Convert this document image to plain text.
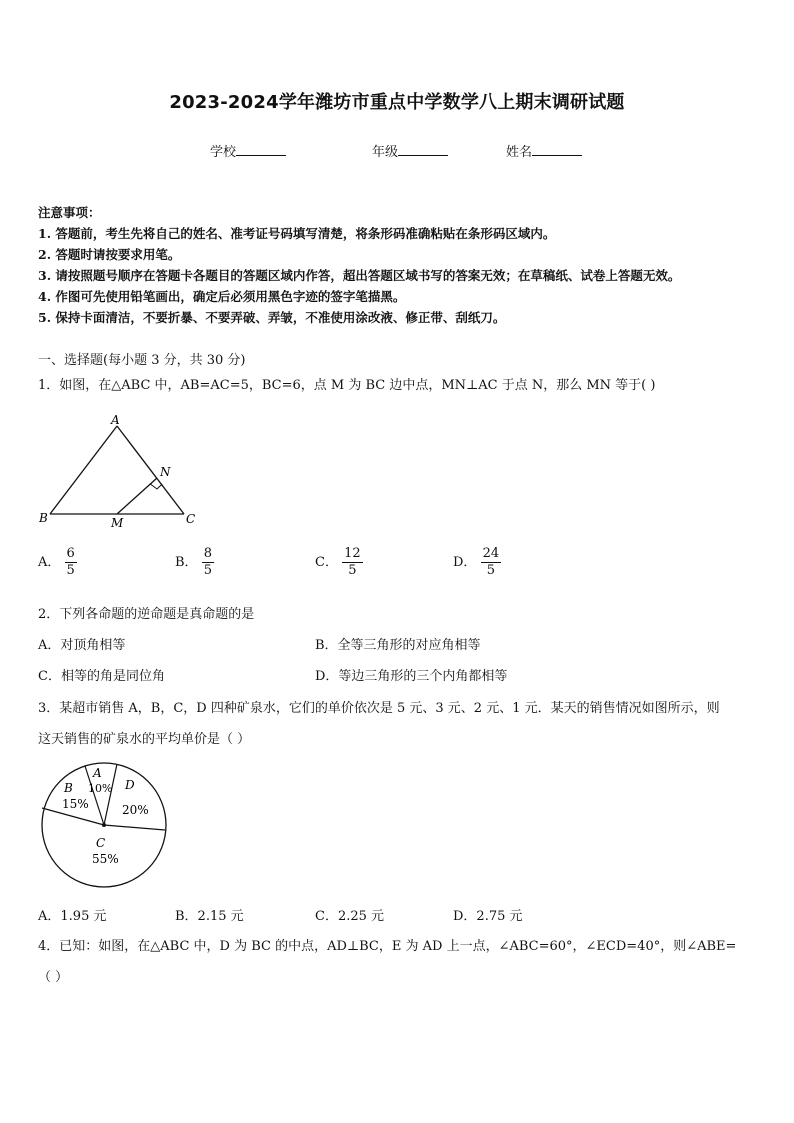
2023-2024学年潍坊市重点中学数学八上期末调研试题
学校	年级	姓名
注意事项：
1. 答题前，考生先将自己的姓名、准考证号码填写清楚，将条形码准确粘贴在条形码区域内。
2. 答题时请按要求用笔。
3. 请按照题号顺序在答题卡各题目的答题区域内作答，超出答题区域书写的答案无效；在草稿纸、试卷上答题无效。
4. 作图可先使用铅笔画出，确定后必须用黑色字迹的签字笔描黑。
5. 保持卡面清洁，不要折暴、不要弄破、弄皱，不准使用涂改液、修正带、刮纸刀。
一、选择题(每小题 3 分，共 30 分)
1．如图，在△ABC 中，AB=AC=5，BC=6，点 M 为 BC 边中点，MN⊥AC 于点 N，那么 MN 等于( )
A
B	C
M
N
A． $\frac{6}{5}$	B． $\frac{8}{5}$	C． $\frac{12}{5}$	D． $\frac{24}{5}$
2．下列各命题的逆命题是真命题的是
A．对顶角相等	B．全等三角形的对应角相等
C．相等的角是同位角	D．等边三角形的三个内角都相等
3．某超市销售 A，B，C，D 四种矿泉水，它们的单价依次是 5 元、3 元、2 元、1 元．某天的销售情况如图所示，则
这天销售的矿泉水的平均单价是（ ）
A
10%
B
15%
C
55%
D
20%
A．1.95 元	B．2.15 元	C．2.25 元	D．2.75 元
4．已知：如图，在△ABC 中，D 为 BC 的中点，AD⊥BC，E 为 AD 上一点，∠ABC=60°，∠ECD=40°，则∠ABE=
（ ）
